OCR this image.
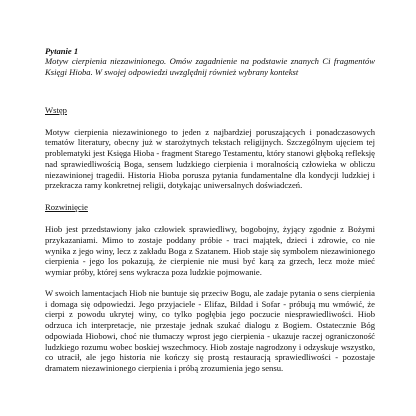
Pytanie 1

Motyw cierpienia niezawinionego. Omów zagadnienie na podstawie znanych Ci fragmentów Księgi Hioba. W swojej odpowiedzi uwzględnij również wybrany kontekst

Wstęp

Motyw cierpienia niezawinionego to jeden z najbardziej poruszających i ponadczasowych tematów literatury, obecny już w starożytnych tekstach religijnych. Szczególnym ujęciem tej problematyki jest Księga Hioba - fragment Starego Testamentu, który stanowi głęboką refleksję nad sprawiedliwością Boga, sensem ludzkiego cierpienia i moralnością człowieka w obliczu niezawinionej tragedii. Historia Hioba porusza pytania fundamentalne dla kondycji ludzkiej i przekracza ramy konkretnej religii, dotykając uniwersalnych doświadczeń.

Rozwinięcie

Hiob jest przedstawiony jako człowiek sprawiedliwy, bogobojny, żyjący zgodnie z Bożymi przykazaniami. Mimo to zostaje poddany próbie - traci majątek, dzieci i zdrowie, co nie wynika z jego winy, lecz z zakładu Boga z Szatanem. Hiob staje się symbolem niezawinionego cierpienia - jego los pokazują, że cierpienie nie musi być karą za grzech, lecz może mieć wymiar próby, której sens wykracza poza ludzkie pojmowanie.

W swoich lamentacjach Hiob nie buntuje się przeciw Bogu, ale zadaje pytania o sens cierpienia i domaga się odpowiedzi. Jego przyjaciele - Elifaz, Bildad i Sofar - próbują mu wmówić, że cierpi z powodu ukrytej winy, co tylko pogłębia jego poczucie niesprawiedliwości. Hiob odrzuca ich interpretacje, nie przestaje jednak szukać dialogu z Bogiem. Ostatecznie Bóg odpowiada Hiobowi, choć nie tłumaczy wprost jego cierpienia - ukazuje raczej ograniczoność ludzkiego rozumu wobec boskiej wszechmocy. Hiob zostaje nagrodzony i odzyskuje wszystko, co utracił, ale jego historia nie kończy się prostą restauracją sprawiedliwości - pozostaje dramatem niezawinionego cierpienia i próbą zrozumienia jego sensu.
